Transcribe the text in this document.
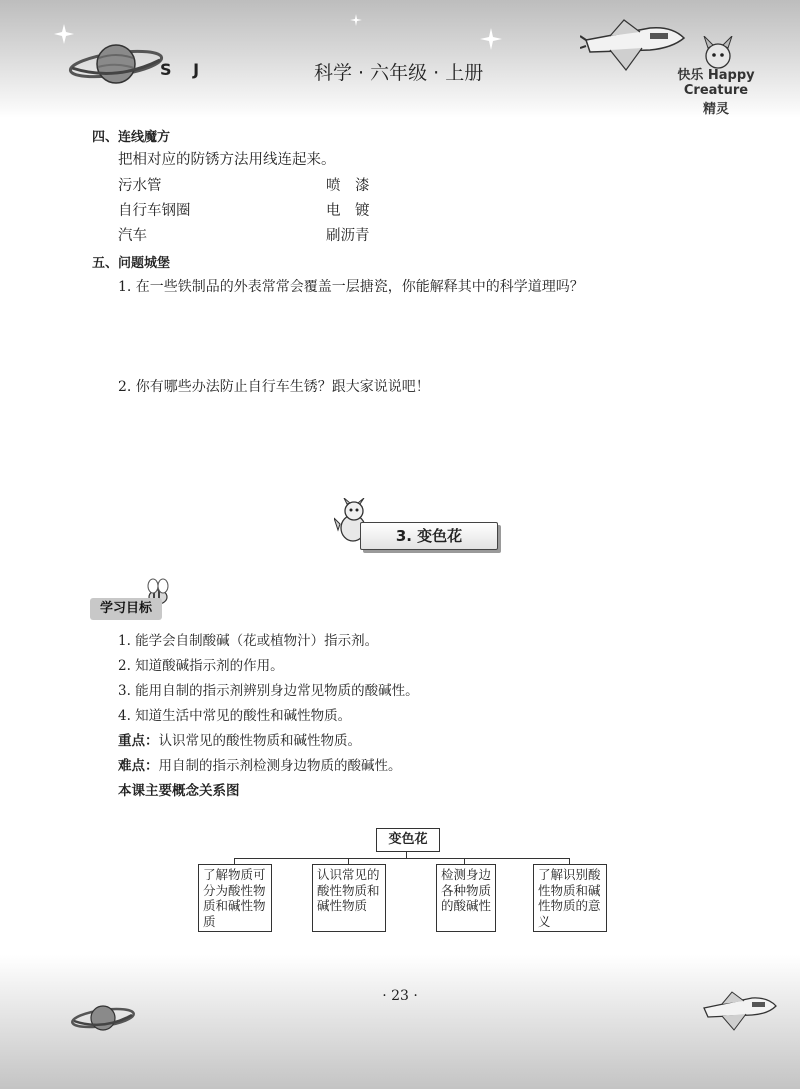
快乐 Happy Creature 精灵
S J	科学 · 六年级 · 上册
四、连线魔方
把相对应的防锈方法用线连起来。
污水管
自行车钢圈
汽车
喷　漆
电　镀
刷沥青
五、问题城堡
1. 在一些铁制品的外表常常会覆盖一层搪瓷，你能解释其中的科学道理吗？
2. 你有哪些办法防止自行车生锈？跟大家说说吧！
3. 变色花
学习目标
1. 能学会自制酸碱（花或植物汁）指示剂。
2. 知道酸碱指示剂的作用。
3. 能用自制的指示剂辨别身边常见物质的酸碱性。
4. 知道生活中常见的酸性和碱性物质。
重点：认识常见的酸性物质和碱性物质。
难点：用自制的指示剂检测身边物质的酸碱性。
本课主要概念关系图
变色花
了解物质可分为酸性物质和碱性物质
认识常见的酸性物质和碱性物质
检测身边各种物质的酸碱性
了解识别酸性物质和碱性物质的意义
· 23 ·
